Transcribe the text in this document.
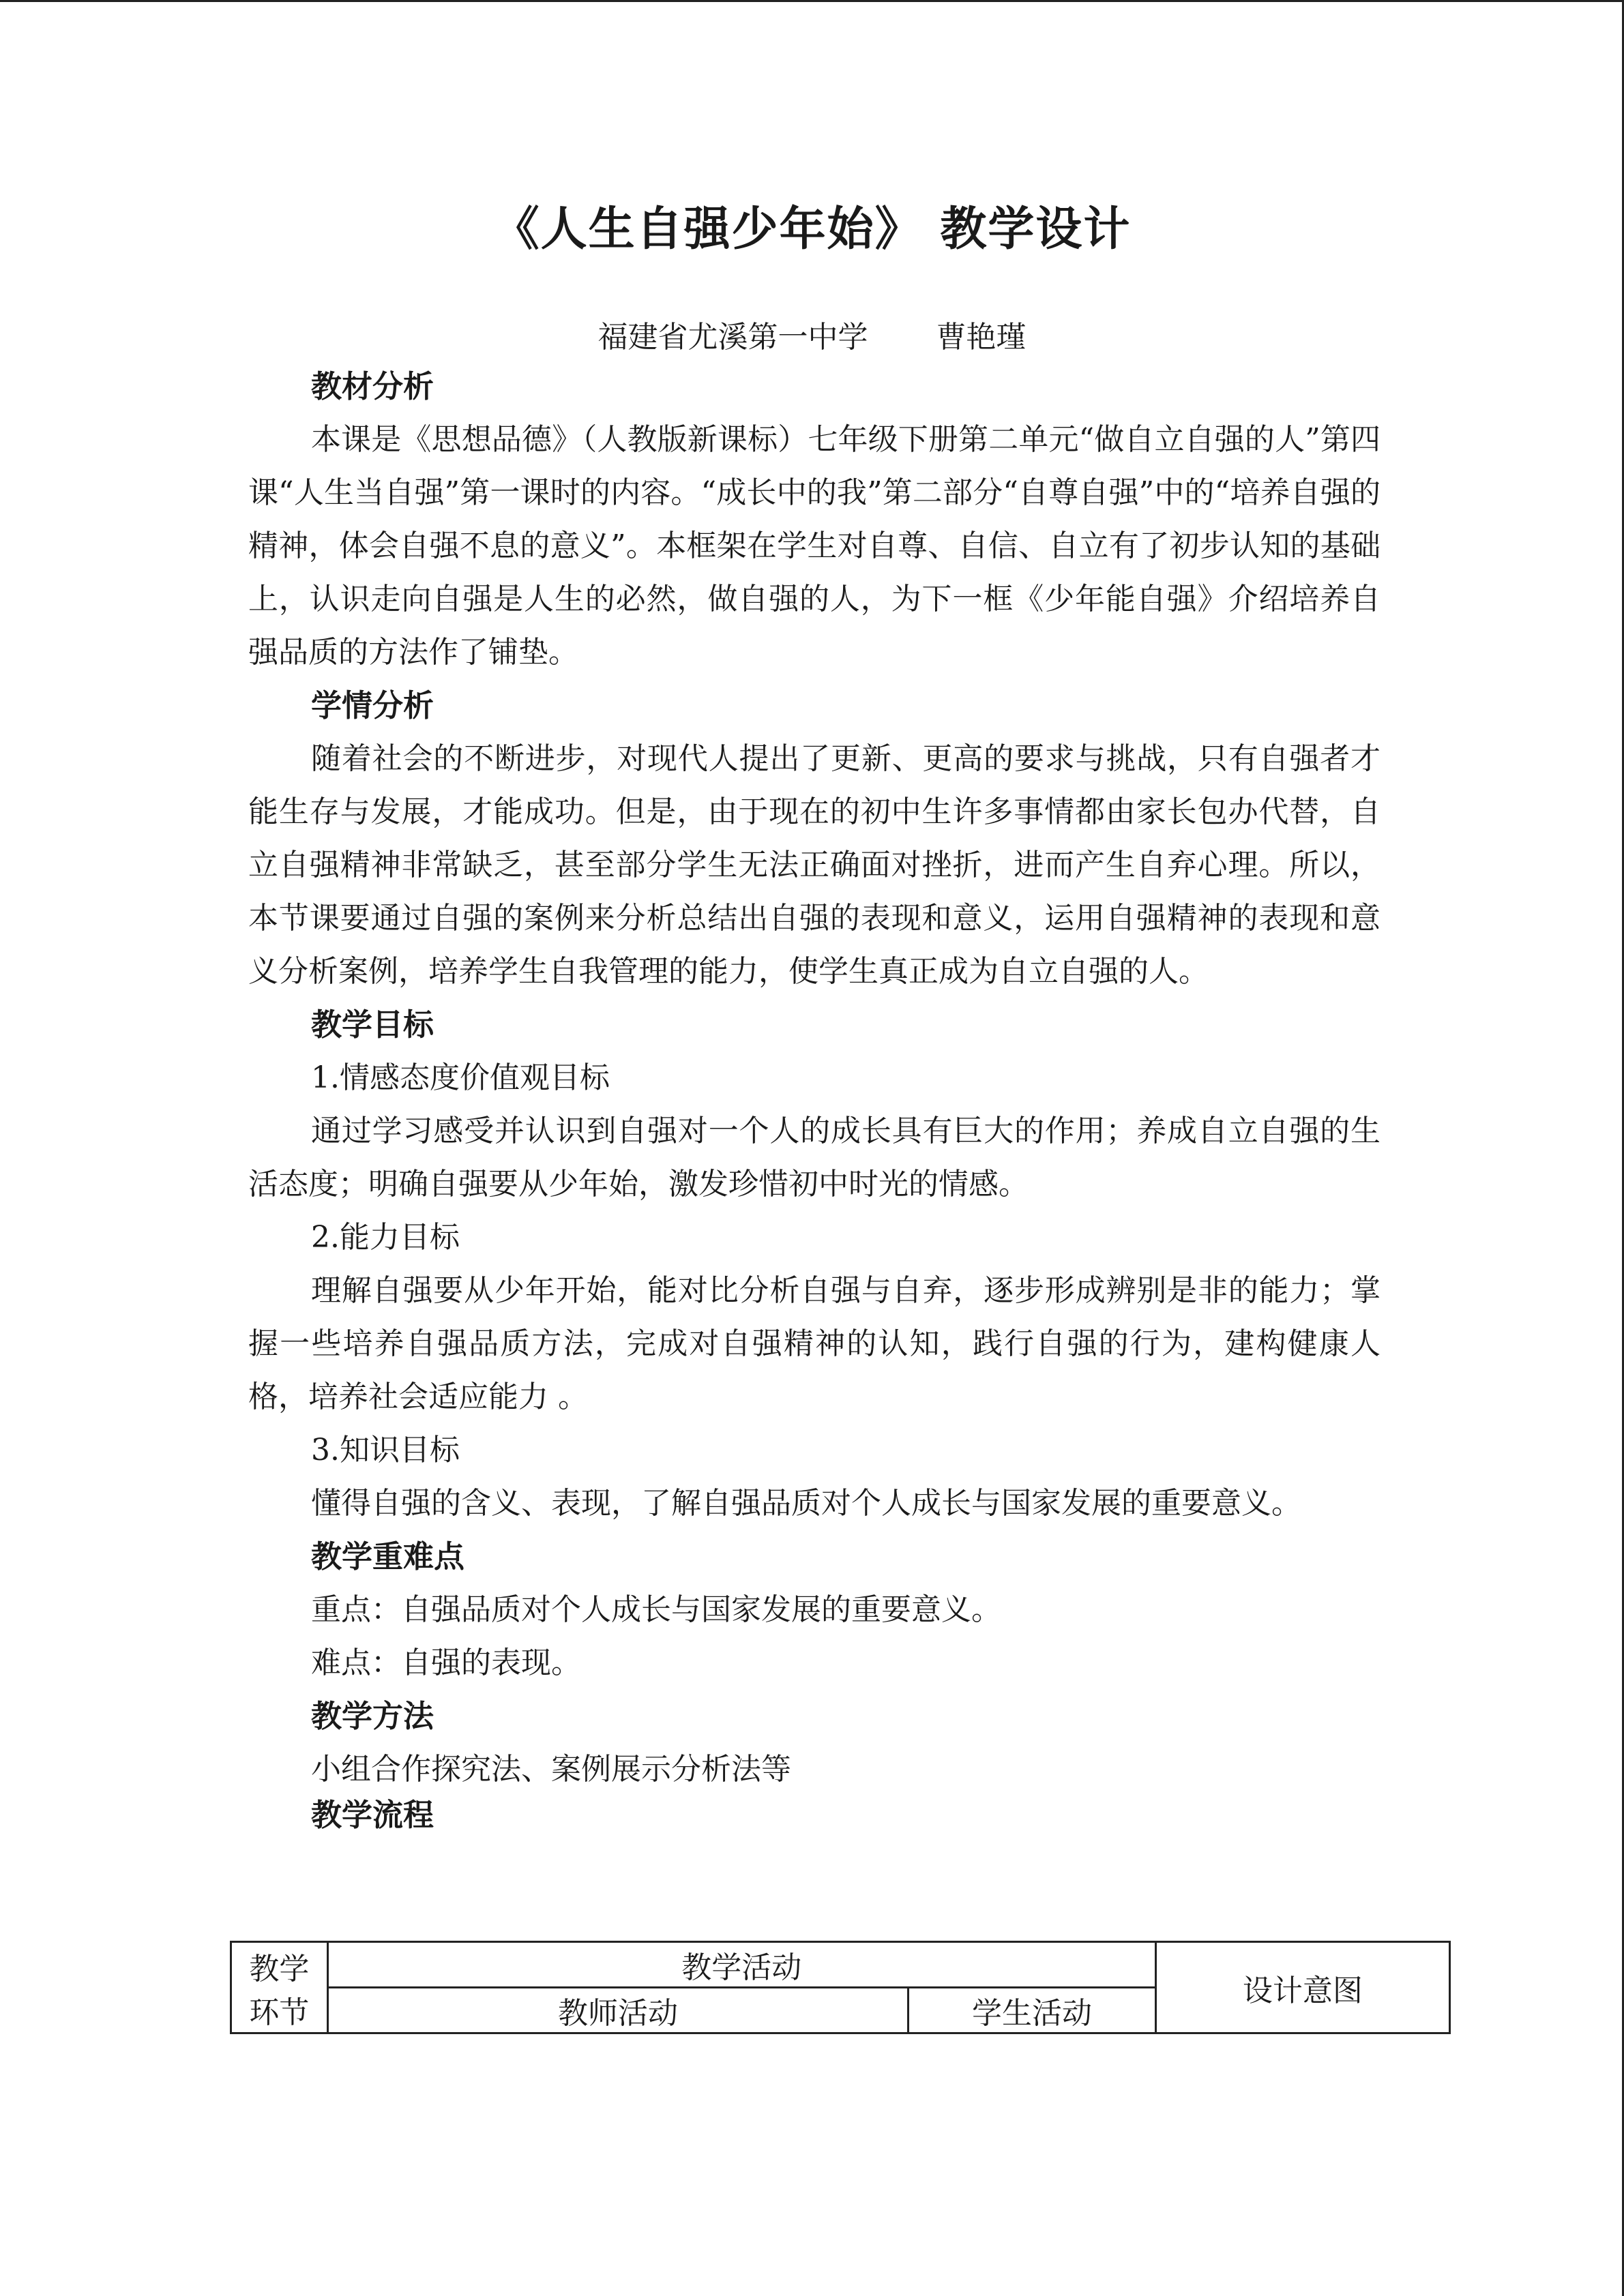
《人生自强少年始》 教学设计
福建省尤溪第一中学 曹艳瑾
教材分析

本课是《思想品德》（人教版新课标）七年级下册第二单元“做自立自强的人”第四课“人生当自强”第一课时的内容。“成长中的我”第二部分“自尊自强”中的“培养自强的精神，体会自强不息的意义”。本框架在学生对自尊、自信、自立有了初步认知的基础上，认识走向自强是人生的必然，做自强的人，为下一框《少年能自强》介绍培养自强品质的方法作了铺垫。

学情分析

随着社会的不断进步，对现代人提出了更新、更高的要求与挑战，只有自强者才能生存与发展，才能成功。但是，由于现在的初中生许多事情都由家长包办代替，自立自强精神非常缺乏，甚至部分学生无法正确面对挫折，进而产生自弃心理。所以，本节课要通过自强的案例来分析总结出自强的表现和意义，运用自强精神的表现和意义分析案例，培养学生自我管理的能力，使学生真正成为自立自强的人。

教学目标
1.情感态度价值观目标

通过学习感受并认识到自强对一个人的成长具有巨大的作用；养成自立自强的生活态度；明确自强要从少年始，激发珍惜初中时光的情感。

2.能力目标

理解自强要从少年开始，能对比分析自强与自弃，逐步形成辨别是非的能力；掌握一些培养自强品质方法，完成对自强精神的认知，践行自强的行为，建构健康人格，培养社会适应能力 。

3.知识目标

懂得自强的含义、表现，了解自强品质对个人成长与国家发展的重要意义。

教学重难点
重点：自强品质对个人成长与国家发展的重要意义。
难点：自强的表现。
教学方法
小组合作探究法、案例展示分析法等
教学流程
教学
环节	教学活动		设计意图
	教师活动	学生活动	
